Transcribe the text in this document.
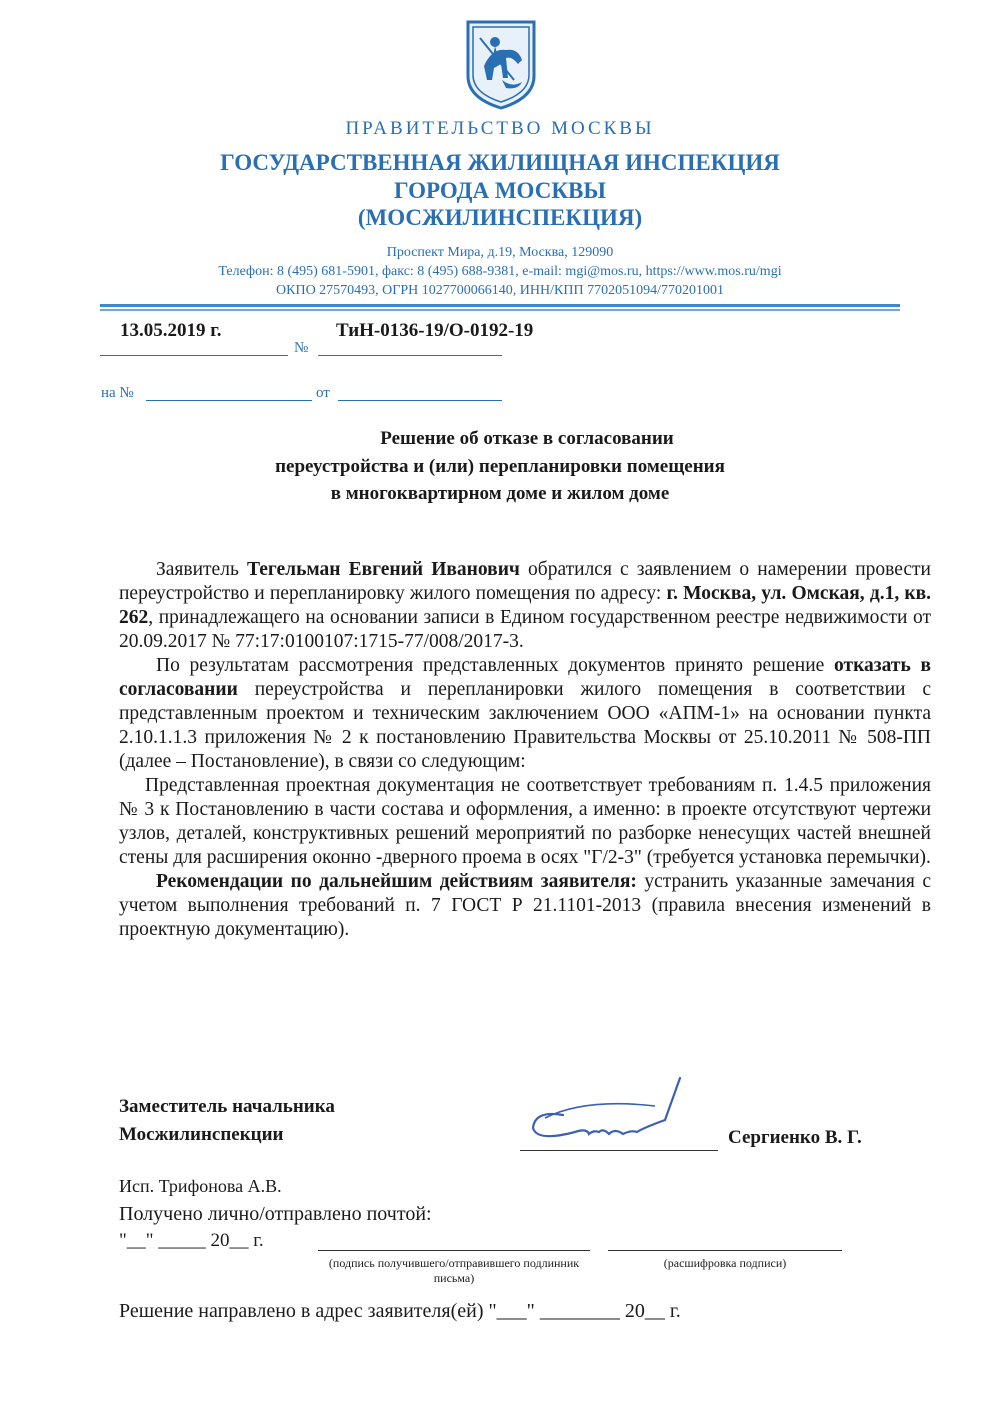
ПРАВИТЕЛЬСТВО МОСКВЫ
ГОСУДАРСТВЕННАЯ ЖИЛИЩНАЯ ИНСПЕКЦИЯ
ГОРОДА МОСКВЫ
(МОСЖИЛИНСПЕКЦИЯ)
Проспект Мира, д.19, Москва, 129090
Телефон: 8 (495) 681-5901, факс: 8 (495) 688-9381, e-mail: mgi@mos.ru, https://www.mos.ru/mgi
ОКПО 27570493, ОГРН 1027700066140, ИНН/КПП 7702051094/770201001
13.05.2019 г.	ТиН-0136-19/О-0192-19
№
на №	от
Решение об отказе в согласовании
переустройства и (или) перепланировки помещения
в многоквартирном доме и жилом доме

Заявитель Тегельман Евгений Иванович обратился с заявлением о намерении провести переустройство и перепланировку жилого помещения по адресу: г. Москва, ул. Омская, д.1, кв. 262, принадлежащего на основании записи в Едином государственном реестре недвижимости от 20.09.2017 № 77:17:0100107:1715-77/008/2017-3.

По результатам рассмотрения представленных документов принято решение отказать в согласовании переустройства и перепланировки жилого помещения в соответствии с представленным проектом и техническим заключением ООО «АПМ-1» на основании пункта 2.10.1.1.3 приложения № 2 к постановлению Правительства Москвы от 25.10.2011 № 508-ПП (далее – Постановление), в связи со следующим:

Представленная проектная документация не соответствует требованиям п. 1.4.5 приложения № 3 к Постановлению в части состава и оформления, а именно: в проекте отсутствуют чертежи узлов, деталей, конструктивных решений мероприятий по разборке ненесущих частей внешней стены для расширения оконно -дверного проема в осях "Г/2-3" (требуется установка перемычки).

Рекомендации по дальнейшим действиям заявителя: устранить указанные замечания с учетом выполнения требований п. 7 ГОСТ Р 21.1101-2013 (правила внесения изменений в проектную документацию).

Заместитель начальника
Мосжилинспекции	Сергиенко В. Г.
Исп. Трифонова А.В.
Получено лично/отправлено почтой:
"__" _____ 20__ г.
(подпись получившего/отправившего подлинник письма)
(расшифровка подписи)
Решение направлено в адрес заявителя(ей) "___" ________ 20__ г.
